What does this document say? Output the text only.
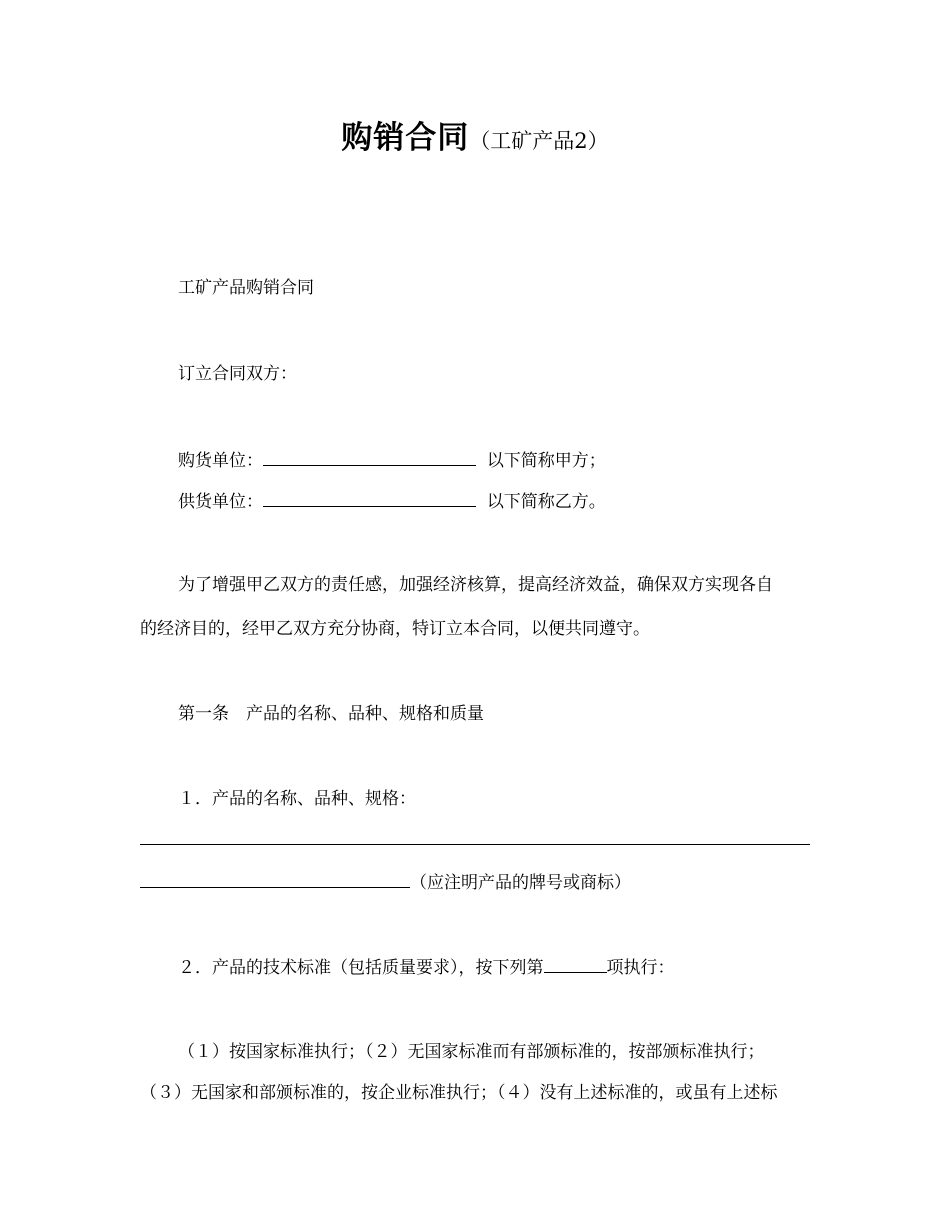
购销合同（工矿产品2）
工矿产品购销合同
订立合同双方：
购货单位：	以下简称甲方；
供货单位：	以下简称乙方。
为了增强甲乙双方的责任感，加强经济核算，提高经济效益，确保双方实现各自
的经济目的，经甲乙双方充分协商，特订立本合同，以便共同遵守。
第一条　产品的名称、品种、规格和质量
１．产品的名称、品种、规格：
（应注明产品的牌号或商标）
２．产品的技术标准（包括质量要求），按下列第	项执行：
（１）按国家标准执行；（２）无国家标准而有部颁标准的，按部颁标准执行；
（３）无国家和部颁标准的，按企业标准执行；（４）没有上述标准的，或虽有上述标
